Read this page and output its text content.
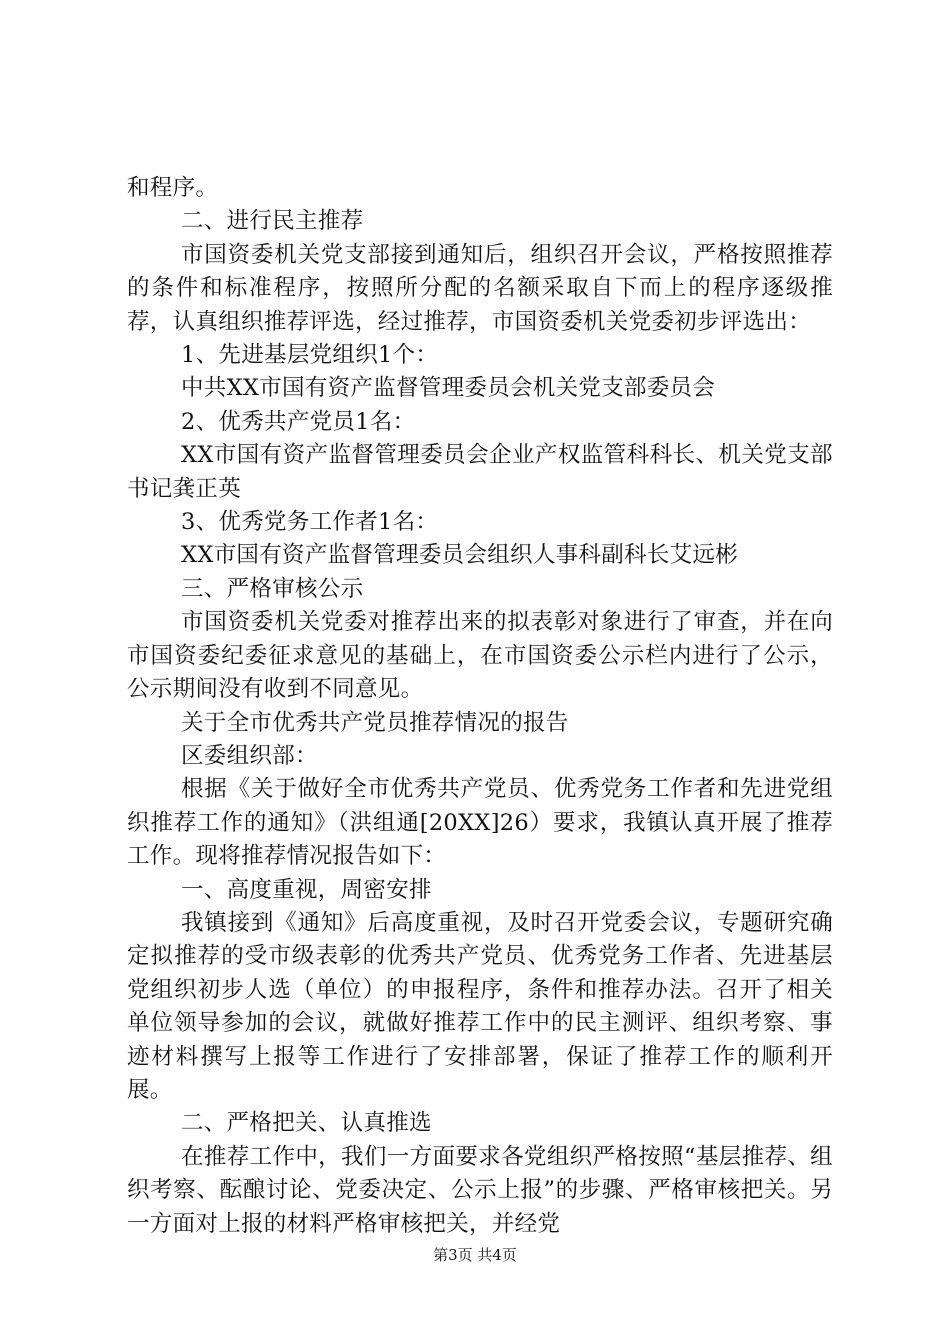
和程序。

二、进行民主推荐

市国资委机关党支部接到通知后，组织召开会议，严格按照推荐的条件和标准程序，按照所分配的名额采取自下而上的程序逐级推荐，认真组织推荐评选，经过推荐，市国资委机关党委初步评选出：

1、先进基层党组织1个：

中共XX市国有资产监督管理委员会机关党支部委员会

2、优秀共产党员1名：

XX市国有资产监督管理委员会企业产权监管科科长、机关党支部书记龚正英

3、优秀党务工作者1名：

XX市国有资产监督管理委员会组织人事科副科长艾远彬

三、严格审核公示

市国资委机关党委对推荐出来的拟表彰对象进行了审查，并在向市国资委纪委征求意见的基础上，在市国资委公示栏内进行了公示，公示期间没有收到不同意见。

关于全市优秀共产党员推荐情况的报告

区委组织部：

根据《关于做好全市优秀共产党员、优秀党务工作者和先进党组织推荐工作的通知》（洪组通[20XX]26）要求，我镇认真开展了推荐工作。现将推荐情况报告如下：

一、高度重视，周密安排

我镇接到《通知》后高度重视，及时召开党委会议，专题研究确定拟推荐的受市级表彰的优秀共产党员、优秀党务工作者、先进基层党组织初步人选（单位）的申报程序，条件和推荐办法。召开了相关单位领导参加的会议，就做好推荐工作中的民主测评、组织考察、事迹材料撰写上报等工作进行了安排部署，保证了推荐工作的顺利开展。

二、严格把关、认真推选

在推荐工作中，我们一方面要求各党组织严格按照“基层推荐、组织考察、酝酿讨论、党委决定、公示上报”的步骤、严格审核把关。另一方面对上报的材料严格审核把关，并经党

第3页 共4页
